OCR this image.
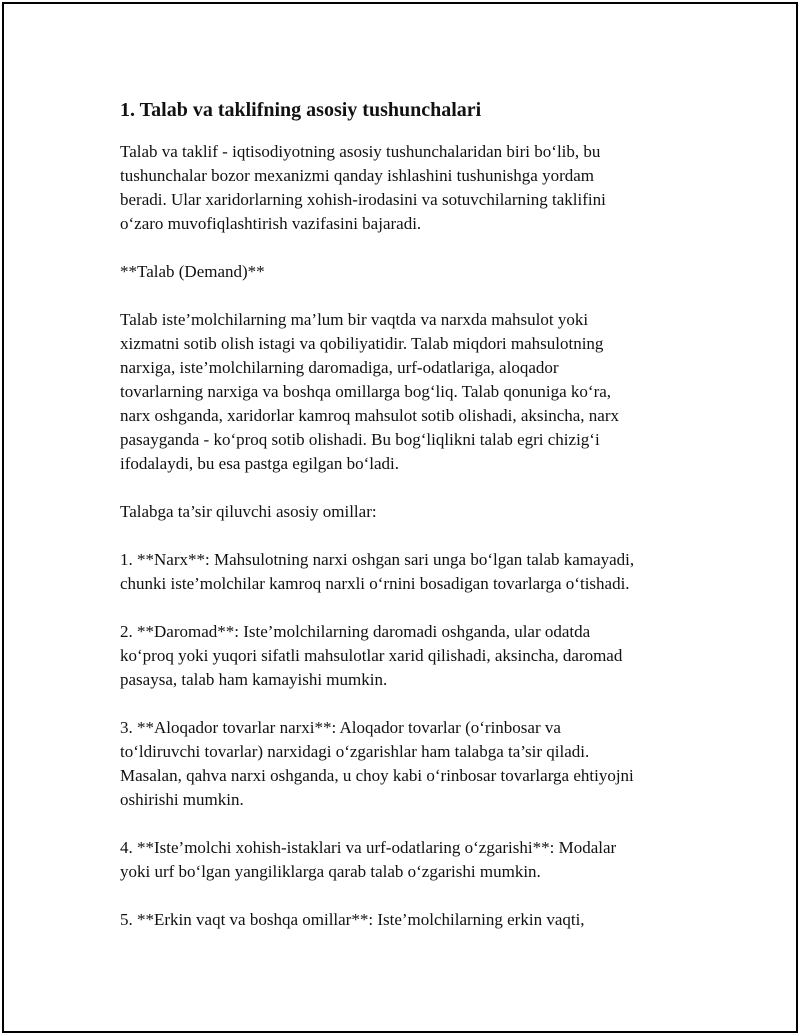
1. Talab va taklifning asosiy tushunchalari

Talab va taklif - iqtisodiyotning asosiy tushunchalaridan biri bo‘lib, bu
tushunchalar bozor mexanizmi qanday ishlashini tushunishga yordam
beradi. Ular xaridorlarning xohish-irodasini va sotuvchilarning taklifini
o‘zaro muvofiqlashtirish vazifasini bajaradi.

**Talab (Demand)**

Talab iste’molchilarning ma’lum bir vaqtda va narxda mahsulot yoki
xizmatni sotib olish istagi va qobiliyatidir. Talab miqdori mahsulotning
narxiga, iste’molchilarning daromadiga, urf-odatlariga, aloqador
tovarlarning narxiga va boshqa omillarga bog‘liq. Talab qonuniga ko‘ra,
narx oshganda, xaridorlar kamroq mahsulot sotib olishadi, aksincha, narx
pasayganda - ko‘proq sotib olishadi. Bu bog‘liqlikni talab egri chizig‘i
ifodalaydi, bu esa pastga egilgan bo‘ladi.

Talabga ta’sir qiluvchi asosiy omillar:

1. **Narx**: Mahsulotning narxi oshgan sari unga bo‘lgan talab kamayadi,
chunki iste’molchilar kamroq narxli o‘rnini bosadigan tovarlarga o‘tishadi.

2. **Daromad**: Iste’molchilarning daromadi oshganda, ular odatda
ko‘proq yoki yuqori sifatli mahsulotlar xarid qilishadi, aksincha, daromad
pasaysa, talab ham kamayishi mumkin.

3. **Aloqador tovarlar narxi**: Aloqador tovarlar (o‘rinbosar va
to‘ldiruvchi tovarlar) narxidagi o‘zgarishlar ham talabga ta’sir qiladi.
Masalan, qahva narxi oshganda, u choy kabi o‘rinbosar tovarlarga ehtiyojni
oshirishi mumkin.

4. **Iste’molchi xohish-istaklari va urf-odatlaring o‘zgarishi**: Modalar
yoki urf bo‘lgan yangiliklarga qarab talab o‘zgarishi mumkin.

5. **Erkin vaqt va boshqa omillar**: Iste’molchilarning erkin vaqti,
